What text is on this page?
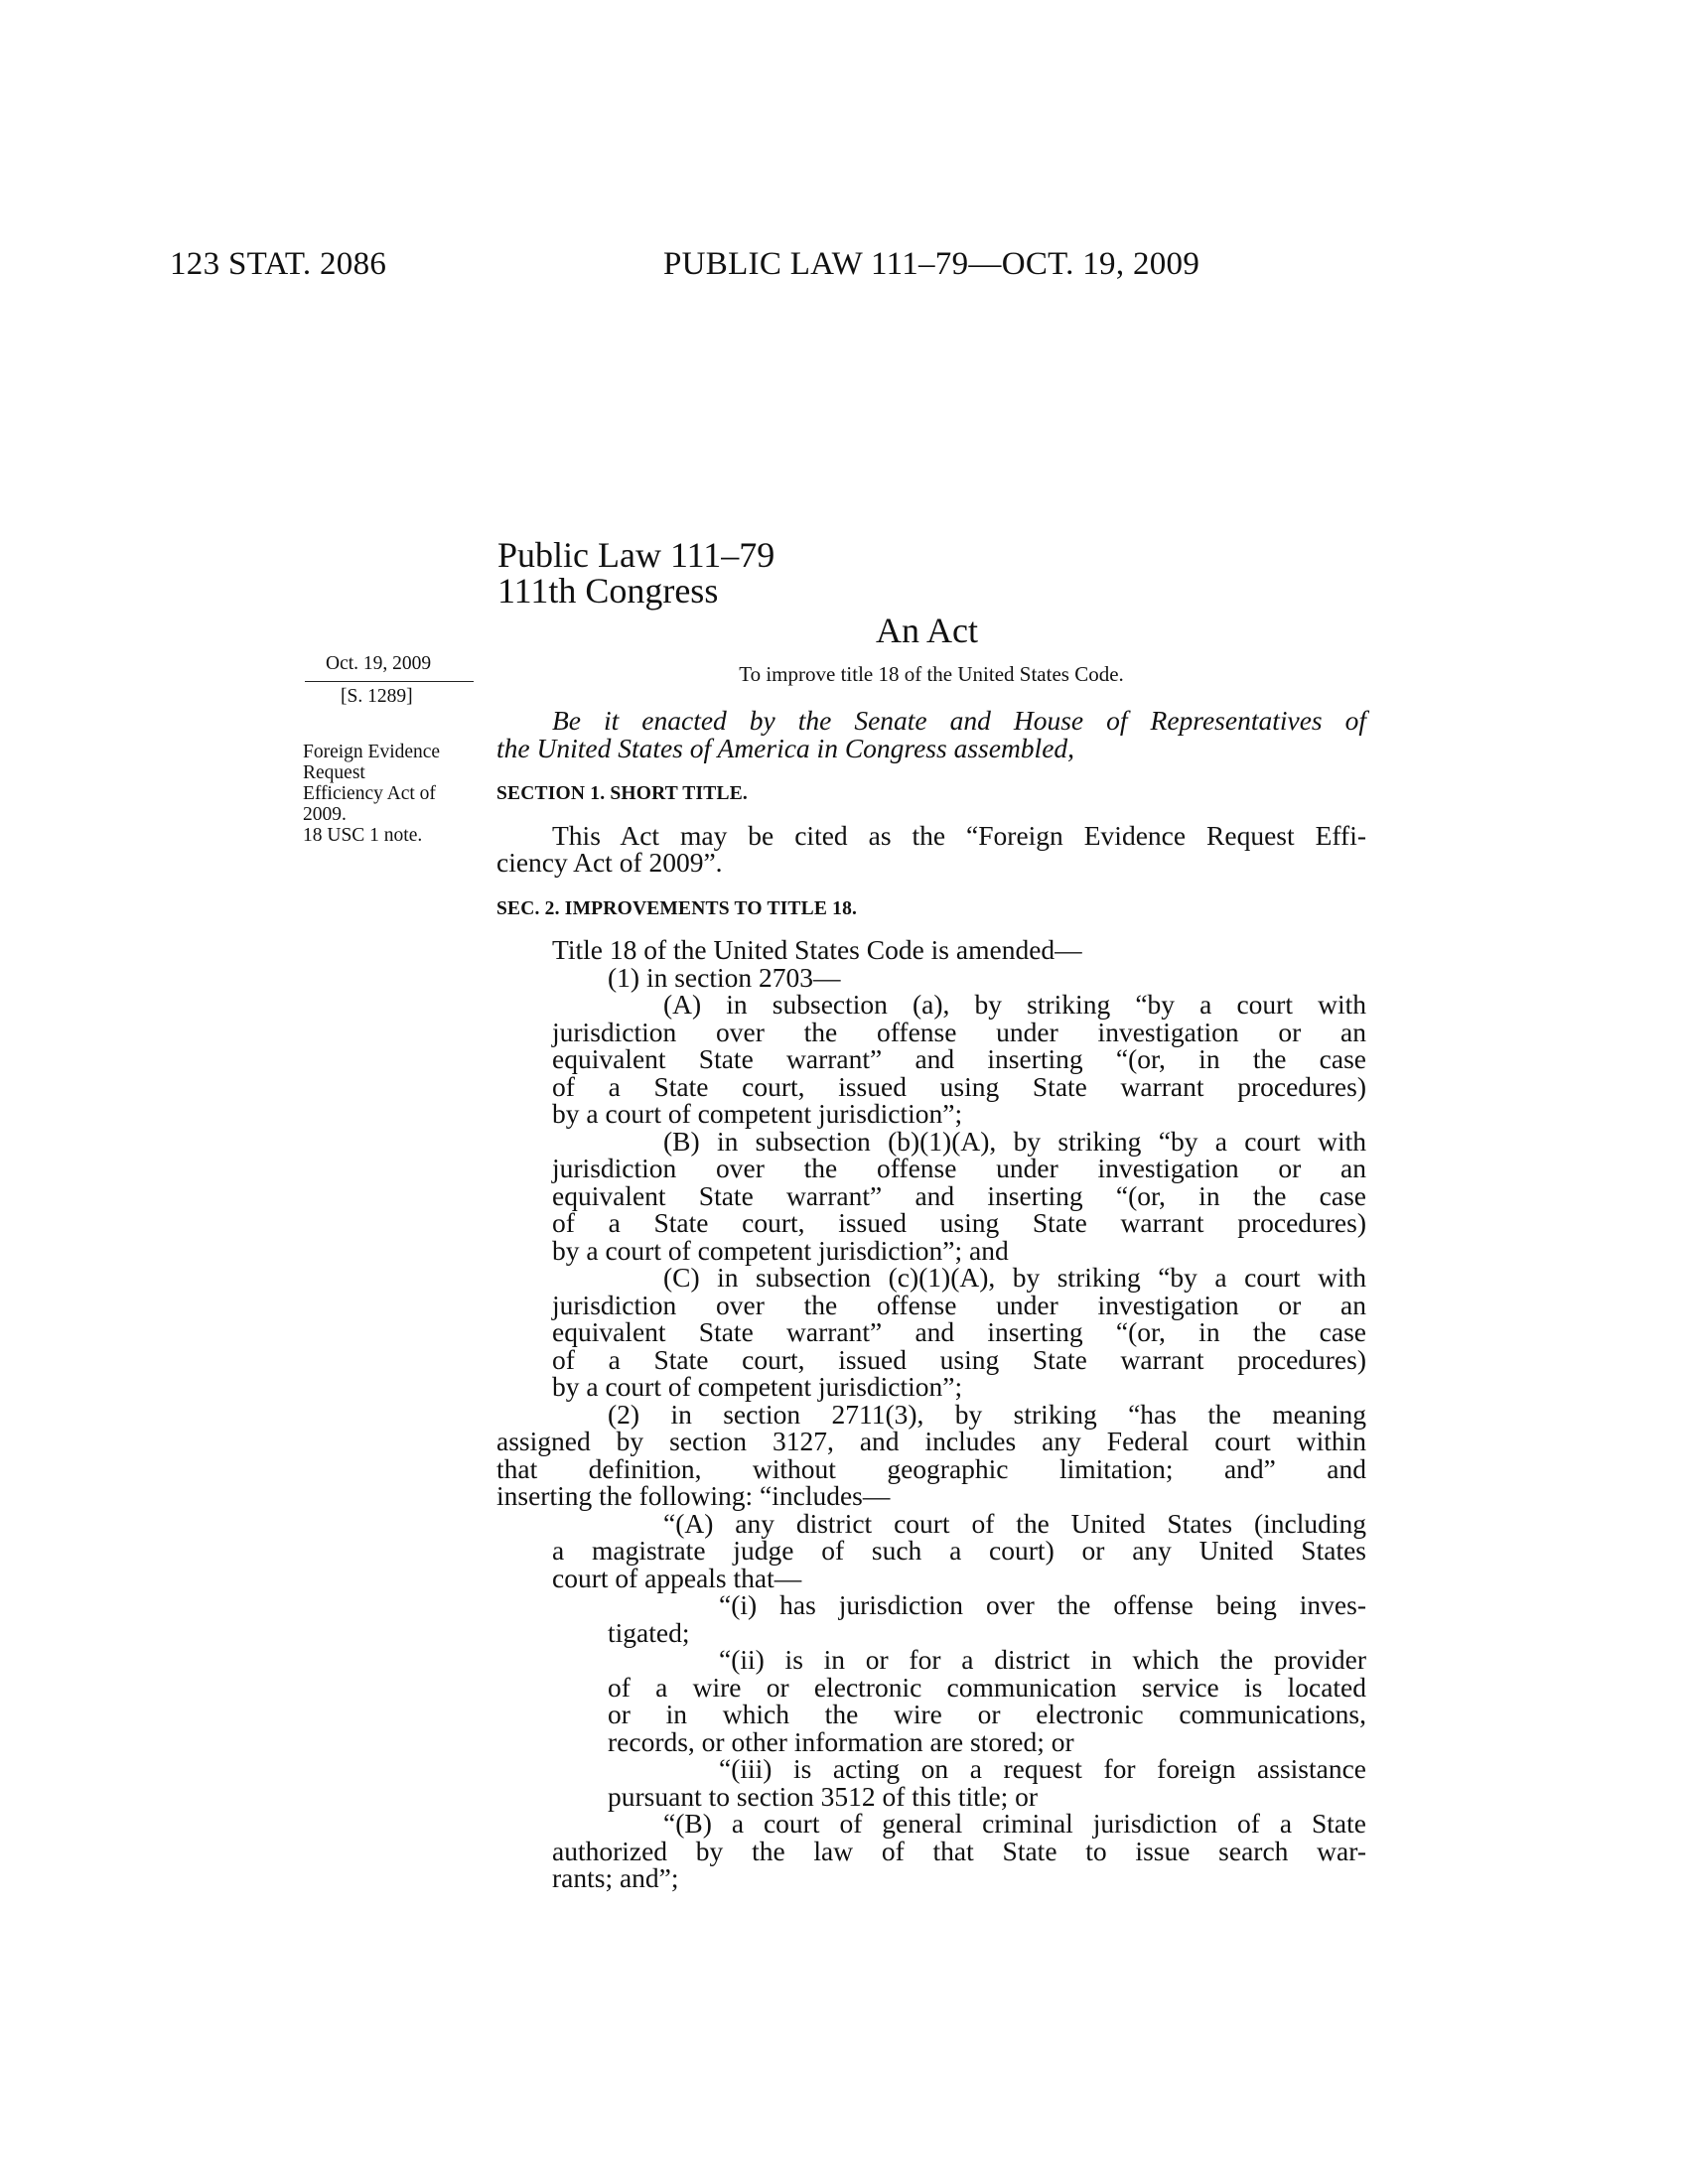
123 STAT. 2086	PUBLIC LAW 111–79—OCT. 19, 2009
Public Law 111–79
111th Congress
An Act
Oct. 19, 2009
[S. 1289]
Foreign Evidence
Request
Efficiency Act of
2009.
18 USC 1 note.
To improve title 18 of the United States Code.

Be it enacted by the Senate and House of Representatives of

the United States of America in Congress assembled,

SECTION 1. SHORT TITLE.

This Act may be cited as the “Foreign Evidence Request Effi-

ciency Act of 2009”.

SEC. 2. IMPROVEMENTS TO TITLE 18.

Title 18 of the United States Code is amended—

(1) in section 2703—

(A) in subsection (a), by striking “by a court with

jurisdiction over the offense under investigation or an

equivalent State warrant” and inserting “(or, in the case

of a State court, issued using State warrant procedures)

by a court of competent jurisdiction”;

(B) in subsection (b)(1)(A), by striking “by a court with

jurisdiction over the offense under investigation or an

equivalent State warrant” and inserting “(or, in the case

of a State court, issued using State warrant procedures)

by a court of competent jurisdiction”; and

(C) in subsection (c)(1)(A), by striking “by a court with

jurisdiction over the offense under investigation or an

equivalent State warrant” and inserting “(or, in the case

of a State court, issued using State warrant procedures)

by a court of competent jurisdiction”;

(2) in section 2711(3), by striking “has the meaning

assigned by section 3127, and includes any Federal court within

that definition, without geographic limitation; and” and

inserting the following: “includes—

“(A) any district court of the United States (including

a magistrate judge of such a court) or any United States

court of appeals that—

“(i) has jurisdiction over the offense being inves-

tigated;

“(ii) is in or for a district in which the provider

of a wire or electronic communication service is located

or in which the wire or electronic communications,

records, or other information are stored; or

“(iii) is acting on a request for foreign assistance

pursuant to section 3512 of this title; or

“(B) a court of general criminal jurisdiction of a State

authorized by the law of that State to issue search war-

rants; and”;
